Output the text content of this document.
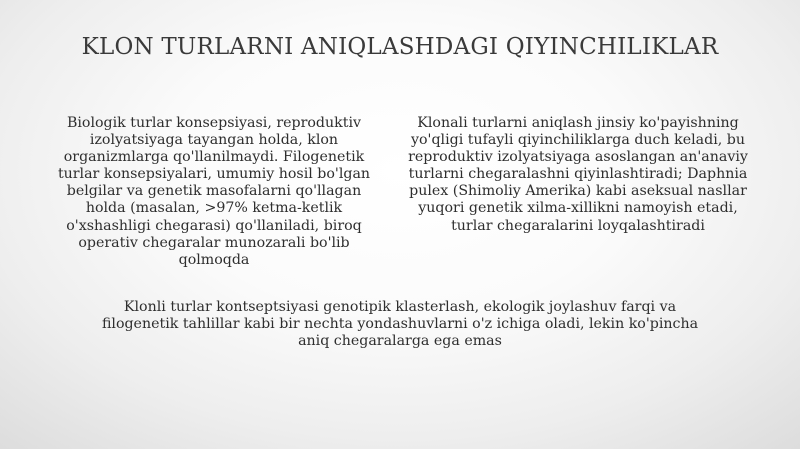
KLON TURLARNI ANIQLASHDAGI QIYINCHILIKLAR

Biologik turlar konsepsiyasi, reproduktiv izolyatsiyaga tayangan holda, klon organizmlarga qo'llanilmaydi. Filogenetik turlar konsepsiyalari, umumiy hosil bo'lgan belgilar va genetik masofalarni qo'llagan holda (masalan, >97% ketma-ketlik o'xshashligi chegarasi) qo'llaniladi, biroq operativ chegaralar munozarali bo'lib qolmoqda

Klonali turlarni aniqlash jinsiy ko'payishning yo'qligi tufayli qiyinchiliklarga duch keladi, bu reproduktiv izolyatsiyaga asoslangan an'anaviy turlarni chegaralashni qiyinlashtiradi; Daphnia pulex (Shimoliy Amerika) kabi aseksual nasllar yuqori genetik xilma-xillikni namoyish etadi, turlar chegaralarini loyqalashtiradi

Klonli turlar kontseptsiyasi genotipik klasterlash, ekologik joylashuv farqi va filogenetik tahlillar kabi bir nechta yondashuvlarni o'z ichiga oladi, lekin ko'pincha aniq chegaralarga ega emas
